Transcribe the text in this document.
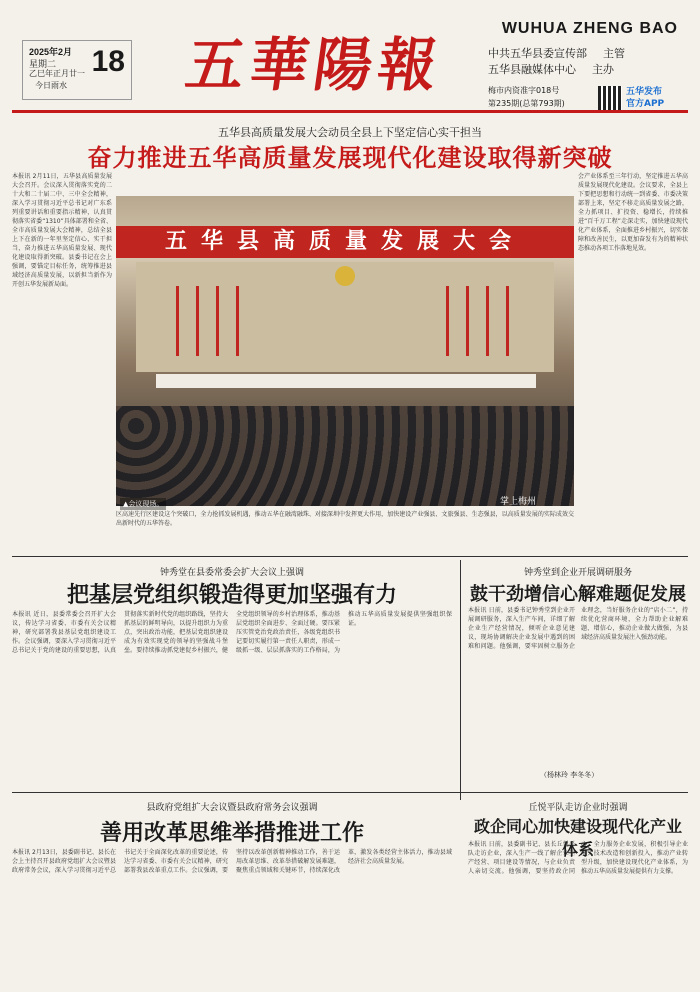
2025年2月
星期二
乙巳年正月廿一
今日雨水
18 五華陽報
WUHUA ZHENG BAO
中共五华县委宣传部 主管
五华县融媒体中心 主办
梅市内资准字018号
第235期(总第793期)
五华发布
官方APP
五华县高质量发展大会动员全县上下坚定信心实干担当
奋力推进五华高质量发展现代化建设取得新突破
本报讯 2月11日，五华县高质量发展大会召开。会议深入贯彻落实党的二十大和二十届二中、三中全会精神，深入学习贯彻习近平总书记对广东系列重要讲话和重要指示精神，认真贯彻落实省委“1310”具体部署和全省、全市高质量发展大会精神，总结全县上下在新的一年里坚定信心、实干担当，奋力推进五华高质量发展、现代化建设取得新突破。县委书记在会上强调，要锚定目标任务，统筹推进县域经济高质量发展，以新担当新作为开创五华发展新局面。
会产业体系至三年行动，坚定推进五华高质量发展现代化建设。会议要求，全县上下要把思想和行动统一到省委、市委决策部署上来，坚定不移走高质量发展之路，全力抓项目、扩投资、稳增长，持续推进“百千万工程”走深走实，加快建设现代化产业体系，全面推进乡村振兴，切实保障和改善民生，以更加奋发有为的精神状态推动各项工作落地见效。
五华县高质量发展大会
▲会议现场。	掌上梅州
区高速先行区建设这个突破口，全力抢抓发展机遇，推动五华在融湾融珠、对接深圳中发挥更大作用，加快建设产业强县、文旅强县、生态强县，以高质量发展的实际成效交出新时代的五华答卷。
钟秀堂在县委常委会扩大会议上强调
把基层党组织锻造得更加坚强有力
本报讯 近日，县委常委会召开扩大会议，传达学习省委、市委有关会议精神，研究部署我县基层党组织建设工作。会议强调，要深入学习贯彻习近平总书记关于党的建设的重要思想，认真贯彻落实新时代党的组织路线，坚持大抓基层的鲜明导向，以提升组织力为重点，突出政治功能，把基层党组织建设成为有效实现党的领导的坚强战斗堡垒。要持续推动抓党建促乡村振兴，健全党组织领导的乡村治理体系，推动基层党组织全面进步、全面过硬。要压紧压实管党治党政治责任，各级党组织书记要切实履行第一责任人职责，形成一级抓一级、层层抓落实的工作格局，为推动五华高质量发展提供坚强组织保证。
钟秀堂到企业开展调研服务
鼓干劲增信心解难题促发展
本报讯 日前，县委书记钟秀堂到企业开展调研服务，深入生产车间，详细了解企业生产经营情况，倾听企业意见建议，现场协调解决企业发展中遇到的困难和问题。他强调，要牢固树立服务企业理念，当好服务企业的“店小二”，持续优化营商环境，全力帮助企业解难题、增信心，推动企业做大做强，为县域经济高质量发展注入强劲动能。
（杨林玲 李冬冬）
县政府党组扩大会议暨县政府常务会议强调
善用改革思维举措推进工作
本报讯 2月13日，县委副书记、县长在会上主持召开县政府党组扩大会议暨县政府常务会议，深入学习贯彻习近平总书记关于全面深化改革的重要论述，传达学习省委、市委有关会议精神，研究部署我县改革重点工作。会议强调，要坚持以改革创新精神推动工作，善于运用改革思维、改革举措破解发展难题，聚焦重点领域和关键环节，持续深化改革，激发各类经营主体活力，推动县域经济社会高质量发展。
丘悦平队走访企业时强调
政企同心加快建设现代化产业体系
本报讯 日前，县委副书记、县长丘悦平队走访企业，深入生产一线了解企业生产经营、项目建设等情况，与企业负责人亲切交流。他强调，要坚持政企同心，全力服务企业发展，积极引导企业加大技术改造和创新投入，推动产业转型升级，加快建设现代化产业体系，为推动五华高质量发展提供有力支撑。
